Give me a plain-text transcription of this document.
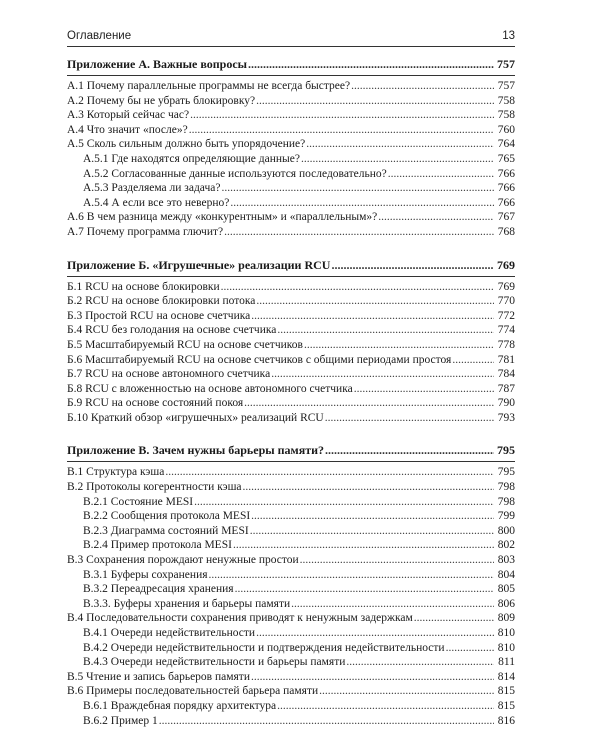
Оглавление	13
Приложение А. Важные вопросы .....	757
А.1 Почему параллельные программы не всегда быстрее? .....	757
А.2 Почему бы не убрать блокировку? .....	758
А.3 Который сейчас час? .....	758
А.4 Что значит «после»? .....	760
А.5 Сколь сильным должно быть упорядочение? .....	764
А.5.1 Где находятся определяющие данные? .....	765
А.5.2 Согласованные данные используются последовательно? .....	766
А.5.3 Разделяема ли задача? .....	766
А.5.4 А если все это неверно? .....	766
А.6 В чем разница между «конкурентным» и «параллельным»? .....	767
А.7 Почему программа глючит? .....	768
Приложение Б. «Игрушечные» реализации RCU .....	769
Б.1 RCU на основе блокировки .....	769
Б.2 RCU на основе блокировки потока .....	770
Б.3 Простой RCU на основе счетчика .....	772
Б.4 RCU без голодания на основе счетчика .....	774
Б.5 Масштабируемый RCU на основе счетчиков .....	778
Б.6 Масштабируемый RCU на основе счетчиков с общими периодами простоя .....	781
Б.7 RCU на основе автономного счетчика .....	784
Б.8 RCU с вложенностью на основе автономного счетчика .....	787
Б.9 RCU на основе состояний покоя .....	790
Б.10 Краткий обзор «игрушечных» реализаций RCU .....	793
Приложение В. Зачем нужны барьеры памяти? .....	795
В.1 Структура кэша .....	795
В.2 Протоколы когерентности кэша .....	798
В.2.1 Состояние MESI .....	798
В.2.2 Сообщения протокола MESI .....	799
В.2.3 Диаграмма состояний MESI .....	800
В.2.4 Пример протокола MESI .....	802
В.3 Сохранения порождают ненужные простои .....	803
В.3.1 Буферы сохранения .....	804
В.3.2 Переадресация хранения .....	805
В.3.3. Буферы хранения и барьеры памяти .....	806
В.4 Последовательности сохранения приводят к ненужным задержкам .....	809
В.4.1 Очереди недействительности .....	810
В.4.2 Очереди недействительности и подтверждения недействительности .....	810
В.4.3 Очереди недействительности и барьеры памяти .....	811
В.5 Чтение и запись барьеров памяти .....	814
В.6 Примеры последовательностей барьера памяти .....	815
В.6.1 Враждебная порядку архитектура .....	815
В.6.2 Пример 1 .....	816
